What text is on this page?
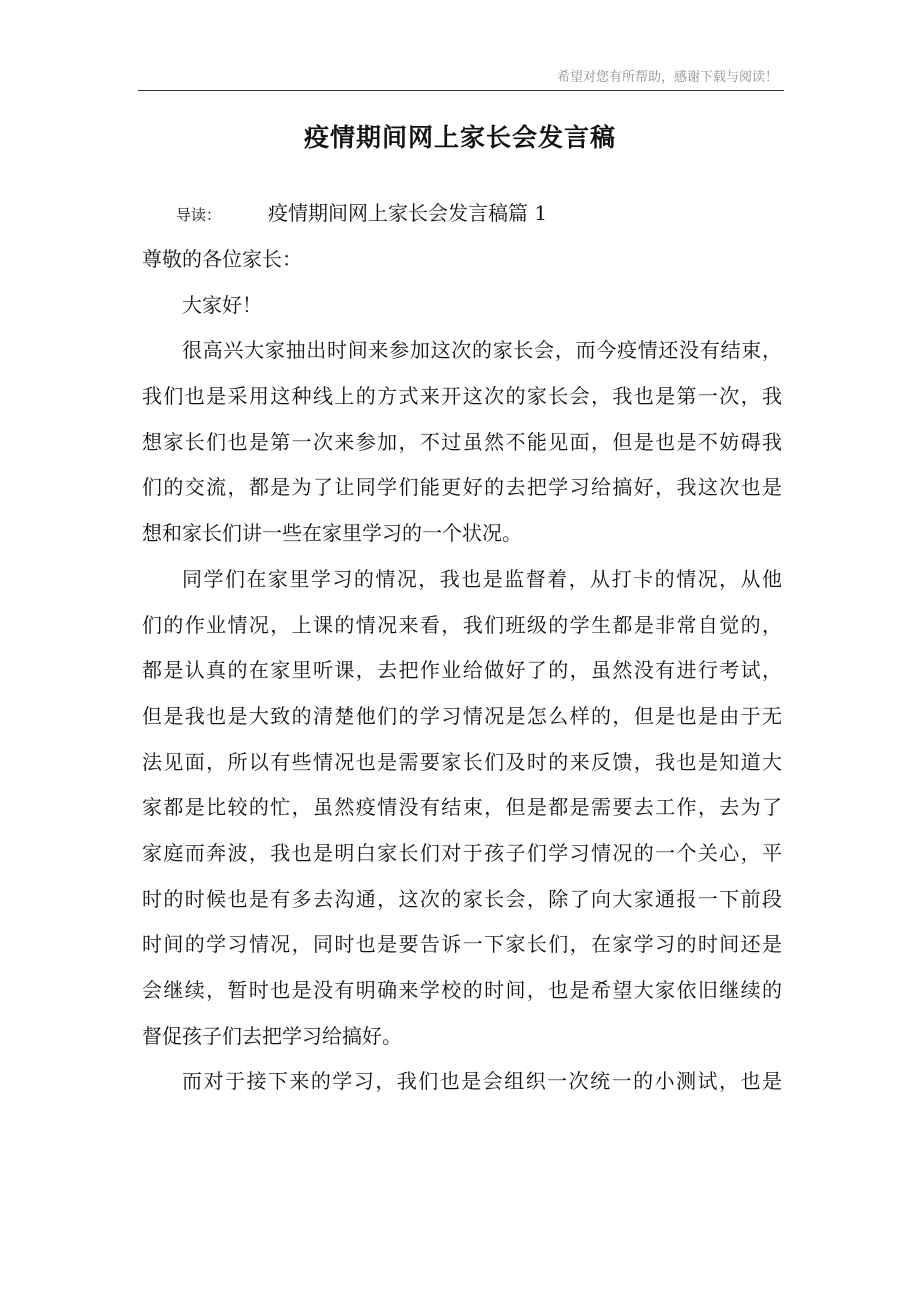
希望对您有所帮助，感谢下载与阅读！
疫情期间网上家长会发言稿
导读： 疫情期间网上家长会发言稿篇 1
尊敬的各位家长：
大家好！
很高兴大家抽出时间来参加这次的家长会，而今疫情还没有结束，
我们也是采用这种线上的方式来开这次的家长会，我也是第一次，我
想家长们也是第一次来参加，不过虽然不能见面，但是也是不妨碍我
们的交流，都是为了让同学们能更好的去把学习给搞好，我这次也是
想和家长们讲一些在家里学习的一个状况。
同学们在家里学习的情况，我也是监督着，从打卡的情况，从他
们的作业情况，上课的情况来看，我们班级的学生都是非常自觉的，
都是认真的在家里听课，去把作业给做好了的，虽然没有进行考试，
但是我也是大致的清楚他们的学习情况是怎么样的，但是也是由于无
法见面，所以有些情况也是需要家长们及时的来反馈，我也是知道大
家都是比较的忙，虽然疫情没有结束，但是都是需要去工作，去为了
家庭而奔波，我也是明白家长们对于孩子们学习情况的一个关心，平
时的时候也是有多去沟通，这次的家长会，除了向大家通报一下前段
时间的学习情况，同时也是要告诉一下家长们，在家学习的时间还是
会继续，暂时也是没有明确来学校的时间，也是希望大家依旧继续的
督促孩子们去把学习给搞好。
而对于接下来的学习，我们也是会组织一次统一的小测试，也是
